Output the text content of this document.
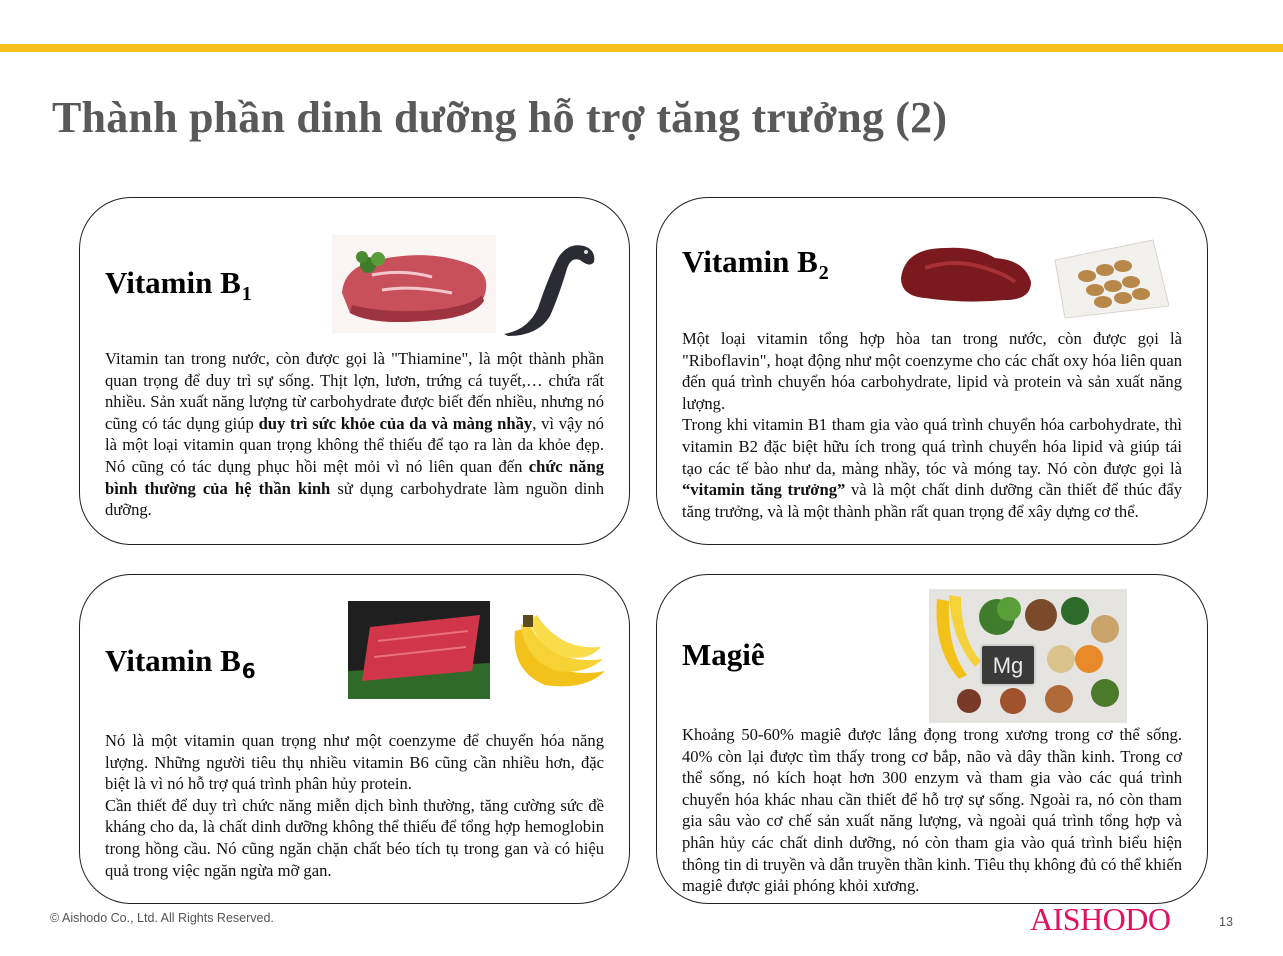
Thành phần dinh dưỡng hỗ trợ tăng trưởng (2)
Vitamin $B_1$

Vitamin tan trong nước, còn được gọi là "Thiamine", là một thành phần quan trọng để duy trì sự sống. Thịt lợn, lươn, trứng cá tuyết,… chứa rất nhiều. Sản xuất năng lượng từ carbohydrate được biết đến nhiều, nhưng nó cũng có tác dụng giúp duy trì sức khỏe của da và màng nhầy, vì vậy nó là một loại vitamin quan trọng không thể thiếu để tạo ra làn da khỏe đẹp. Nó cũng có tác dụng phục hồi mệt mỏi vì nó liên quan đến chức năng bình thường của hệ thần kinh sử dụng carbohydrate làm nguồn dinh dưỡng.

Vitamin $B_2$

Một loại vitamin tổng hợp hòa tan trong nước, còn được gọi là "Riboflavin", hoạt động như một coenzyme cho các chất oxy hóa liên quan đến quá trình chuyển hóa carbohydrate, lipid và protein và sản xuất năng lượng.

Trong khi vitamin B1 tham gia vào quá trình chuyển hóa carbohydrate, thì vitamin B2 đặc biệt hữu ích trong quá trình chuyển hóa lipid và giúp tái tạo các tế bào như da, màng nhầy, tóc và móng tay. Nó còn được gọi là “vitamin tăng trưởng” và là một chất dinh dưỡng cần thiết để thúc đẩy tăng trưởng, và là một thành phần rất quan trọng để xây dựng cơ thể.

Vitamin $B_6$

Nó là một vitamin quan trọng như một coenzyme để chuyển hóa năng lượng. Những người tiêu thụ nhiều vitamin B6 cũng cần nhiều hơn, đặc biệt là vì nó hỗ trợ quá trình phân hủy protein.

Cần thiết để duy trì chức năng miễn dịch bình thường, tăng cường sức đề kháng cho da, là chất dinh dưỡng không thể thiếu để tổng hợp hemoglobin trong hồng cầu. Nó cũng ngăn chặn chất béo tích tụ trong gan và có hiệu quả trong việc ngăn ngừa mỡ gan.

Magiê	Mg

Khoảng 50-60% magiê được lắng đọng trong xương trong cơ thể sống. 40% còn lại được tìm thấy trong cơ bắp, não và dây thần kinh. Trong cơ thể sống, nó kích hoạt hơn 300 enzym và tham gia vào các quá trình chuyển hóa khác nhau cần thiết để hỗ trợ sự sống. Ngoài ra, nó còn tham gia sâu vào cơ chế sản xuất năng lượng, và ngoài quá trình tổng hợp và phân hủy các chất dinh dưỡng, nó còn tham gia vào quá trình biểu hiện thông tin di truyền và dẫn truyền thần kinh. Tiêu thụ không đủ có thể khiến magiê được giải phóng khỏi xương.

© Aishodo Co., Ltd. All Rights Reserved.	AISHODO	13
